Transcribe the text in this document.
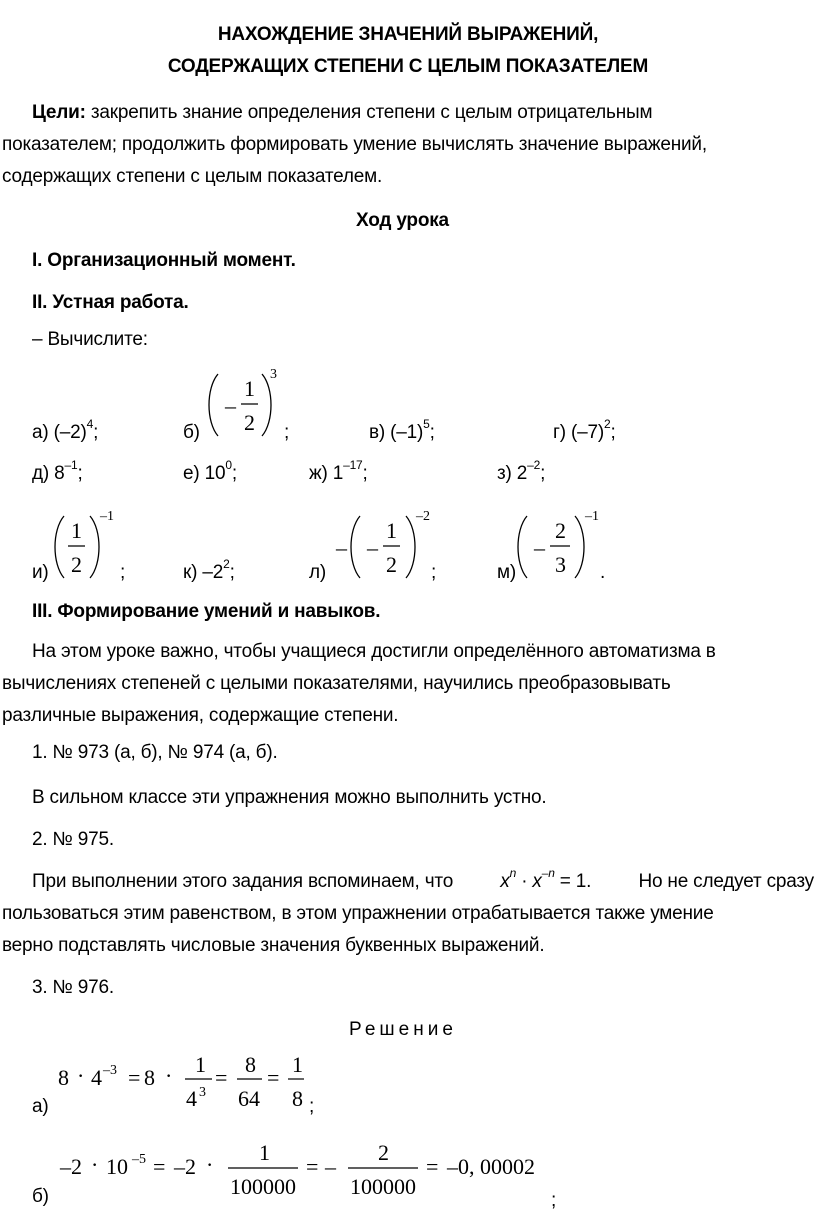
НАХОЖДЕНИЕ ЗНАЧЕНИЙ ВЫРАЖЕНИЙ,
СОДЕРЖАЩИХ СТЕПЕНИ С ЦЕЛЫМ ПОКАЗАТЕЛЕМ
Цели: закрепить знание определения степени с целым отрицательным
показателем; продолжить формировать умение вычислять значение выражений,
содержащих степени с целым показателем.
Ход урока
I. Организационный момент.
II. Устная работа.
– Вычислите:
а) $(-2)^4$;	б)
–
1
2
3
;	в) $(-1)^5$;	г) $(-7)^2$;
д) $8^{-1}$;	е) $10^0$;	ж) $1^{-17}$;	з) $2^{-2}$;
и)
1
2
–1
;	к) $-2^2$;	л)
– –
1
2
–2
;	м)
–
2
3
–1
.
III. Формирование умений и навыков.
На этом уроке важно, чтобы учащиеся достигли определённого автоматизма в
вычислениях степеней с целыми показателями, научились преобразовывать
различные выражения, содержащие степени.
1. № 973 (а, б), № 974 (а, б).
В сильном классе эти упражнения можно выполнить устно.
2. № 975.
При выполнении этого задания вспоминаем, что $x^n \cdot x^{-n} = 1$. Но не следует сразу
пользоваться этим равенством, в этом упражнении отрабатывается также умение
верно подставлять числовые значения буквенных выражений.
3. № 976.
Решение
а)
8 · 4 –3 = 8 · 1
4 3
=
8
64
=
1
8 ;
б)
–2 · 10 –5 = –2 · 1
100000
= –
2
100000
= –0, 00002
;
